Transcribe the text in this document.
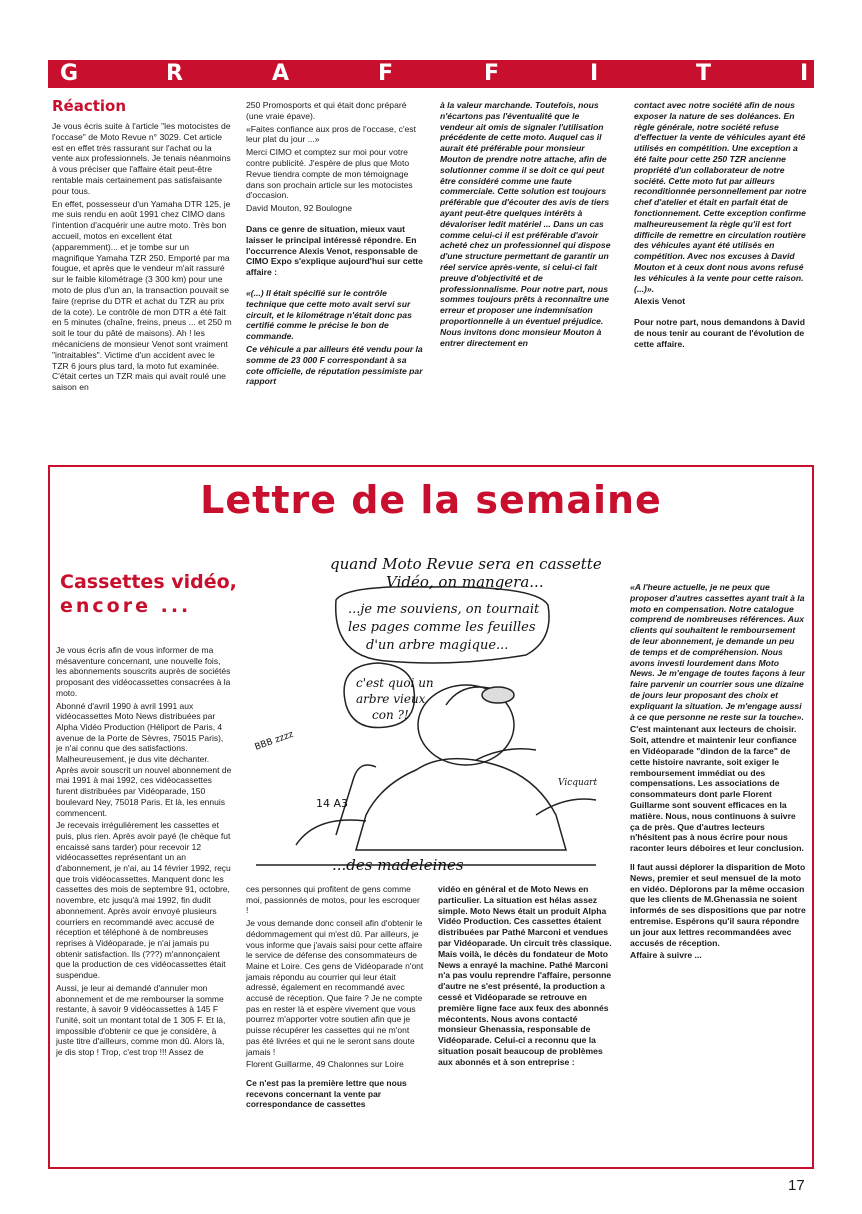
G	R	A	F	F	I	T	I
Réaction

Je vous écris suite à l'article "les motocistes de l'occase" de Moto Revue n° 3029. Cet article est en effet très rassurant sur l'achat ou la vente aux professionnels. Je tenais néanmoins à vous préciser que l'affaire était peut-être rentable mais certainement pas satisfaisante pour tous.

En effet, possesseur d'un Yamaha DTR 125, je me suis rendu en août 1991 chez CIMO dans l'intention d'acquérir une autre moto. Très bon accueil, motos en excellent état (apparemment)... et je tombe sur un magnifique Yamaha TZR 250. Emporté par ma fougue, et après que le vendeur m'ait rassuré sur le faible kilométrage (3 300 km) pour une moto de plus d'un an, la transaction pouvait se faire (reprise du DTR et achat du TZR au prix de la cote). Le contrôle de mon DTR a été fait en 5 minutes (chaîne, freins, pneus ... et 250 m soit le tour du pâté de maisons). Ah ! les mécaniciens de monsieur Venot sont vraiment "intraitables". Victime d'un accident avec le TZR 6 jours plus tard, la moto fut examinée. C'était certes un TZR mais qui avait roulé une saison en

250 Promosports et qui était donc préparé (une vraie épave).

«Faites confiance aux pros de l'occase, c'est leur plat du jour ...»

Merci CIMO et comptez sur moi pour votre contre publicité. J'espère de plus que Moto Revue tiendra compte de mon témoignage dans son prochain article sur les motocistes d'occasion.

David Mouton, 92 Boulogne

Dans ce genre de situation, mieux vaut laisser le principal intéressé répondre. En l'occurrence Alexis Venot, responsable de CIMO Expo s'explique aujourd'hui sur cette affaire :

«(...) Il était spécifié sur le contrôle technique que cette moto avait servi sur circuit, et le kilométrage n'était donc pas certifié comme le précise le bon de commande.

Ce véhicule a par ailleurs été vendu pour la somme de 23 000 F correspondant à sa cote officielle, de réputation pessimiste par rapport

à la valeur marchande. Toutefois, nous n'écartons pas l'éventualité que le vendeur ait omis de signaler l'utilisation précédente de cette moto. Auquel cas il aurait été préférable pour monsieur Mouton de prendre notre attache, afin de solutionner comme il se doit ce qui peut être considéré comme une faute commerciale. Cette solution est toujours préférable que d'écouter des avis de tiers ayant peut-être quelques intérêts à dévaloriser ledit matériel ... Dans un cas comme celui-ci il est préférable d'avoir acheté chez un professionnel qui dispose d'une structure permettant de garantir un réel service après-vente, si celui-ci fait preuve d'objectivité et de professionnalisme. Pour notre part, nous sommes toujours prêts à reconnaître une erreur et proposer une indemnisation proportionnelle à un éventuel préjudice. Nous invitons donc monsieur Mouton à entrer directement en

contact avec notre société afin de nous exposer la nature de ses doléances. En règle générale, notre société refuse d'effectuer la vente de véhicules ayant été utilisés en compétition. Une exception a été faite pour cette 250 TZR ancienne propriété d'un collaborateur de notre société. Cette moto fut par ailleurs reconditionnée personnellement par notre chef d'atelier et était en parfait état de fonctionnement. Cette exception confirme malheureusement la règle qu'il est fort difficile de remettre en circulation routière des véhicules ayant été utilisés en compétition. Avec nos excuses à David Mouton et à ceux dont nous avons refusé les véhicules à la vente pour cette raison. (...)».

Alexis Venot

Pour notre part, nous demandons à David de nous tenir au courant de l'évolution de cette affaire.

Lettre de la semaine
Cassettes vidéo,
encore ...

Je vous écris afin de vous informer de ma mésaventure concernant, une nouvelle fois, les abonnements souscrits auprès de sociétés proposant des vidéocassettes consacrées à la moto.

Abonné d'avril 1990 à avril 1991 aux vidéocassettes Moto News distribuées par Alpha Vidéo Production (Héliport de Paris, 4 avenue de la Porte de Sèvres, 75015 Paris), je n'ai connu que des satisfactions. Malheureusement, je dus vite déchanter. Après avoir souscrit un nouvel abonnement de mai 1991 à mai 1992, ces vidéocassettes furent distribuées par Vidéoparade, 150 boulevard Ney, 75018 Paris. Et là, les ennuis commencent.

Je recevais irrégulièrement les cassettes et puis, plus rien. Après avoir payé (le chèque fut encaissé sans tarder) pour recevoir 12 vidéocassettes représentant un an d'abonnement, je n'ai, au 14 février 1992, reçu que trois vidéocassettes. Manquent donc les cassettes des mois de septembre 91, octobre, novembre, etc jusqu'à mai 1992, fin dudit abonnement. Après avoir envoyé plusieurs courriers en recommandé avec accusé de réception et téléphoné à de nombreuses reprises à Vidéoparade, je n'ai jamais pu obtenir satisfaction. Ils (???) m'annonçaient que la production de ces vidéocassettes était suspendue.

Aussi, je leur ai demandé d'annuler mon abonnement et de me rembourser la somme restante, à savoir 9 vidéocassettes à 145 F l'unité, soit un montant total de 1 305 F. Et là, impossible d'obtenir ce que je considère, à juste titre d'ailleurs, comme mon dû. Alors là, je dis stop ! Trop, c'est trop !!! Assez de

quand Moto Revue sera en cassette
Vidéo, on mangera...
...je me souviens, on tournait
les pages comme les feuilles
d'un arbre magique...
c'est quoi un
arbre vieux
con ?!
BBB zzzz
14 A3
Vicquart
...des madeleines

ces personnes qui profitent de gens comme moi, passionnés de motos, pour les escroquer !

Je vous demande donc conseil afin d'obtenir le dédommagement qui m'est dû. Par ailleurs, je vous informe que j'avais saisi pour cette affaire le service de défense des consommateurs de Maine et Loire. Ces gens de Vidéoparade n'ont jamais répondu au courrier qui leur était adressé, également en recommandé avec accusé de réception. Que faire ? Je ne compte pas en rester là et espère vivement que vous pourrez m'apporter votre soutien afin que je puisse récupérer les cassettes qui ne m'ont pas été livrées et qui ne le seront sans doute jamais !

Florent Guillarme, 49 Chalonnes sur Loire

Ce n'est pas la première lettre que nous recevons concernant la vente par correspondance de cassettes

vidéo en général et de Moto News en particulier. La situation est hélas assez simple. Moto News était un produit Alpha Vidéo Production. Ces cassettes étaient distribuées par Pathé Marconi et vendues par Vidéoparade. Un circuit très classique. Mais voilà, le décès du fondateur de Moto News a enrayé la machine. Pathé Marconi n'a pas voulu reprendre l'affaire, personne d'autre ne s'est présenté, la production a cessé et Vidéoparade se retrouve en première ligne face aux feux des abonnés mécontents. Nous avons contacté monsieur Ghenassia, responsable de Vidéoparade. Celui-ci a reconnu que la situation posait beaucoup de problèmes aux abonnés et à son entreprise :

«A l'heure actuelle, je ne peux que proposer d'autres cassettes ayant trait à la moto en compensation. Notre catalogue comprend de nombreuses références. Aux clients qui souhaitent le remboursement de leur abonnement, je demande un peu de temps et de compréhension. Nous avons investi lourdement dans Moto News. Je m'engage de toutes façons à leur faire parvenir un courrier sous une dizaine de jours leur proposant des choix et expliquant la situation. Je m'engage aussi à ce que personne ne reste sur la touche».

C'est maintenant aux lecteurs de choisir. Soit, attendre et maintenir leur confiance en Vidéoparade "dindon de la farce" de cette histoire navrante, soit exiger le remboursement immédiat ou des compensations. Les associations de consommateurs dont parle Florent Guillarme sont souvent efficaces en la matière. Nous, nous continuons à suivre ça de près. Que d'autres lecteurs n'hésitent pas à nous écrire pour nous raconter leurs déboires et leur conclusion.

Il faut aussi déplorer la disparition de Moto News, premier et seul mensuel de la moto en vidéo. Déplorons par la même occasion que les clients de M.Ghenassia ne soient informés de ses dispositions que par notre entremise. Espérons qu'il saura répondre un jour aux lettres recommandées avec accusés de réception.

Affaire à suivre ...

17
